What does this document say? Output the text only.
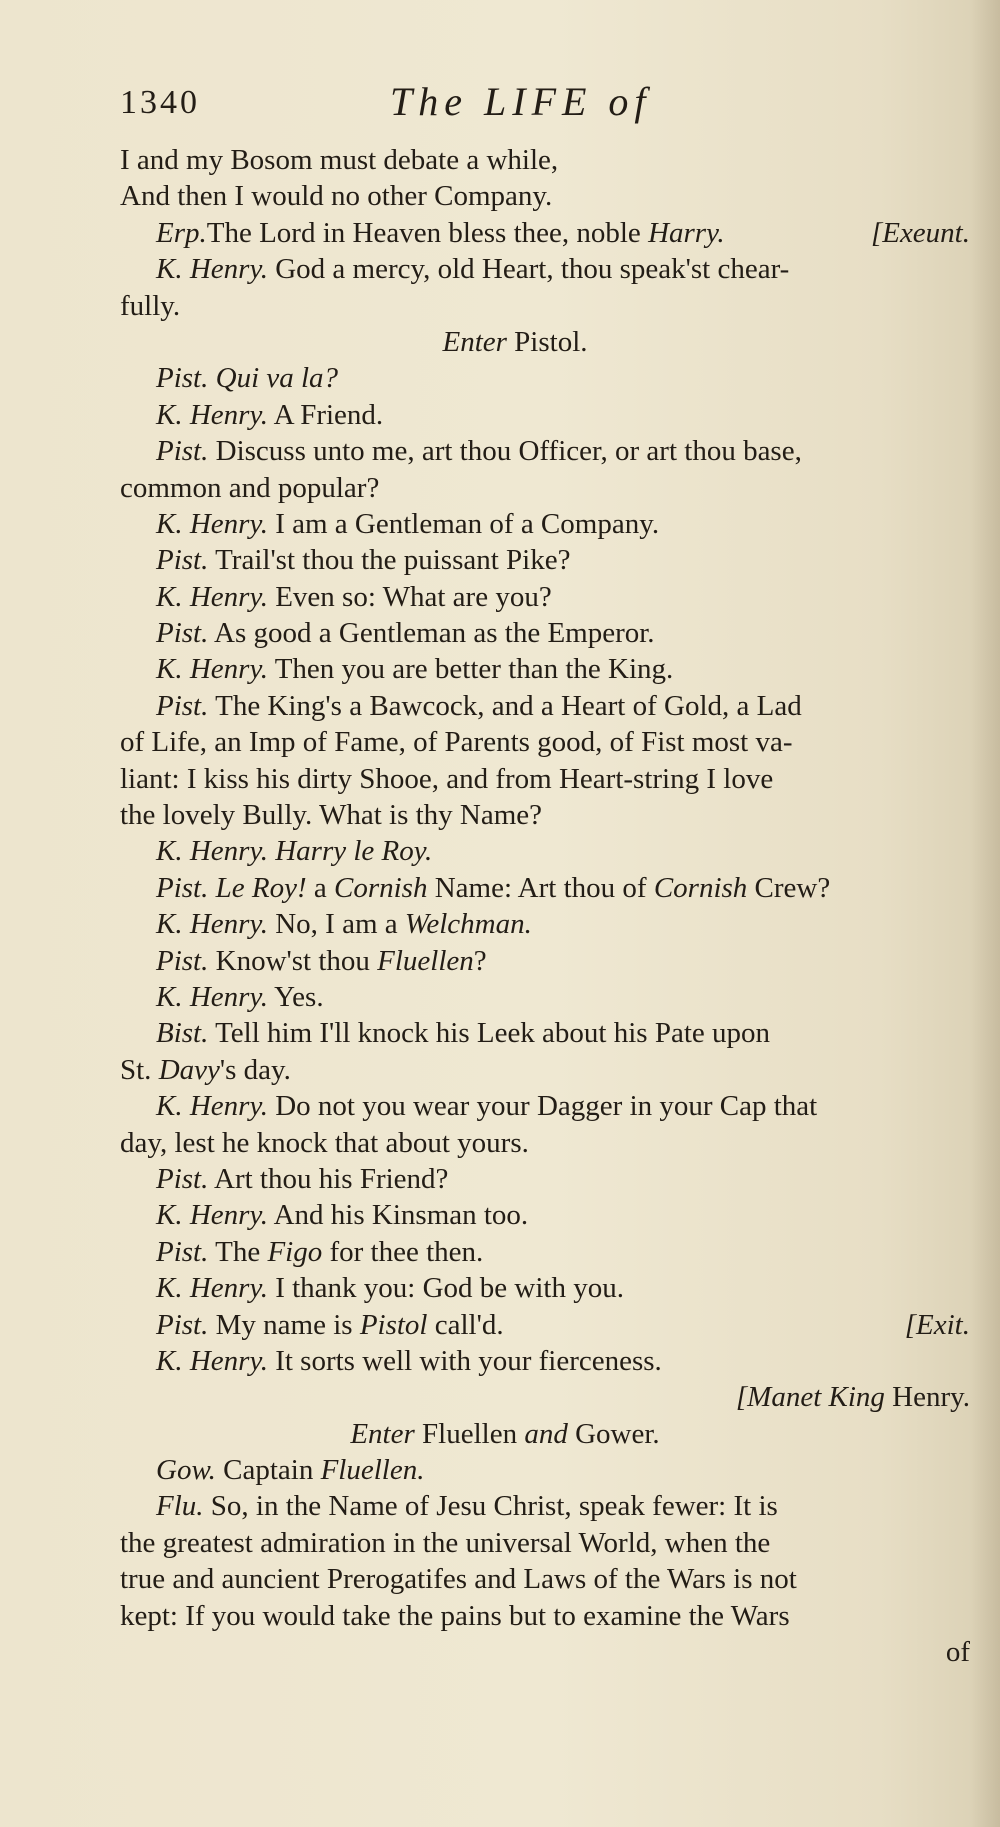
1340	The LIFE of
I and my Bosom must debate a while,
And then I would no other Company.
Erp.The Lord in Heaven bless thee, noble Harry.	[Exeunt.
K. Henry. God a mercy, old Heart, thou speak'st chear-
fully.
Enter Pistol.
Pist. Qui va la?
K. Henry. A Friend.
Pist. Discuss unto me, art thou Officer, or art thou base,
common and popular?
K. Henry. I am a Gentleman of a Company.
Pist. Trail'st thou the puissant Pike?
K. Henry. Even so: What are you?
Pist. As good a Gentleman as the Emperor.
K. Henry. Then you are better than the King.
Pist. The King's a Bawcock, and a Heart of Gold, a Lad
of Life, an Imp of Fame, of Parents good, of Fist most va-
liant: I kiss his dirty Shooe, and from Heart-string I love
the lovely Bully. What is thy Name?
K. Henry. Harry le Roy.
Pist. Le Roy! a Cornish Name: Art thou of Cornish Crew?
K. Henry. No, I am a Welchman.
Pist. Know'st thou Fluellen?
K. Henry. Yes.
Bist. Tell him I'll knock his Leek about his Pate upon
St. Davy's day.
K. Henry. Do not you wear your Dagger in your Cap that
day, lest he knock that about yours.
Pist. Art thou his Friend?
K. Henry. And his Kinsman too.
Pist. The Figo for thee then.
K. Henry. I thank you: God be with you.
Pist. My name is Pistol call'd.	[Exit.
K. Henry. It sorts well with your fierceness.
[Manet King Henry.
Enter Fluellen and Gower.
Gow. Captain Fluellen.
Flu. So, in the Name of Jesu Christ, speak fewer: It is
the greatest admiration in the universal World, when the
true and auncient Prerogatifes and Laws of the Wars is not
kept: If you would take the pains but to examine the Wars
of
